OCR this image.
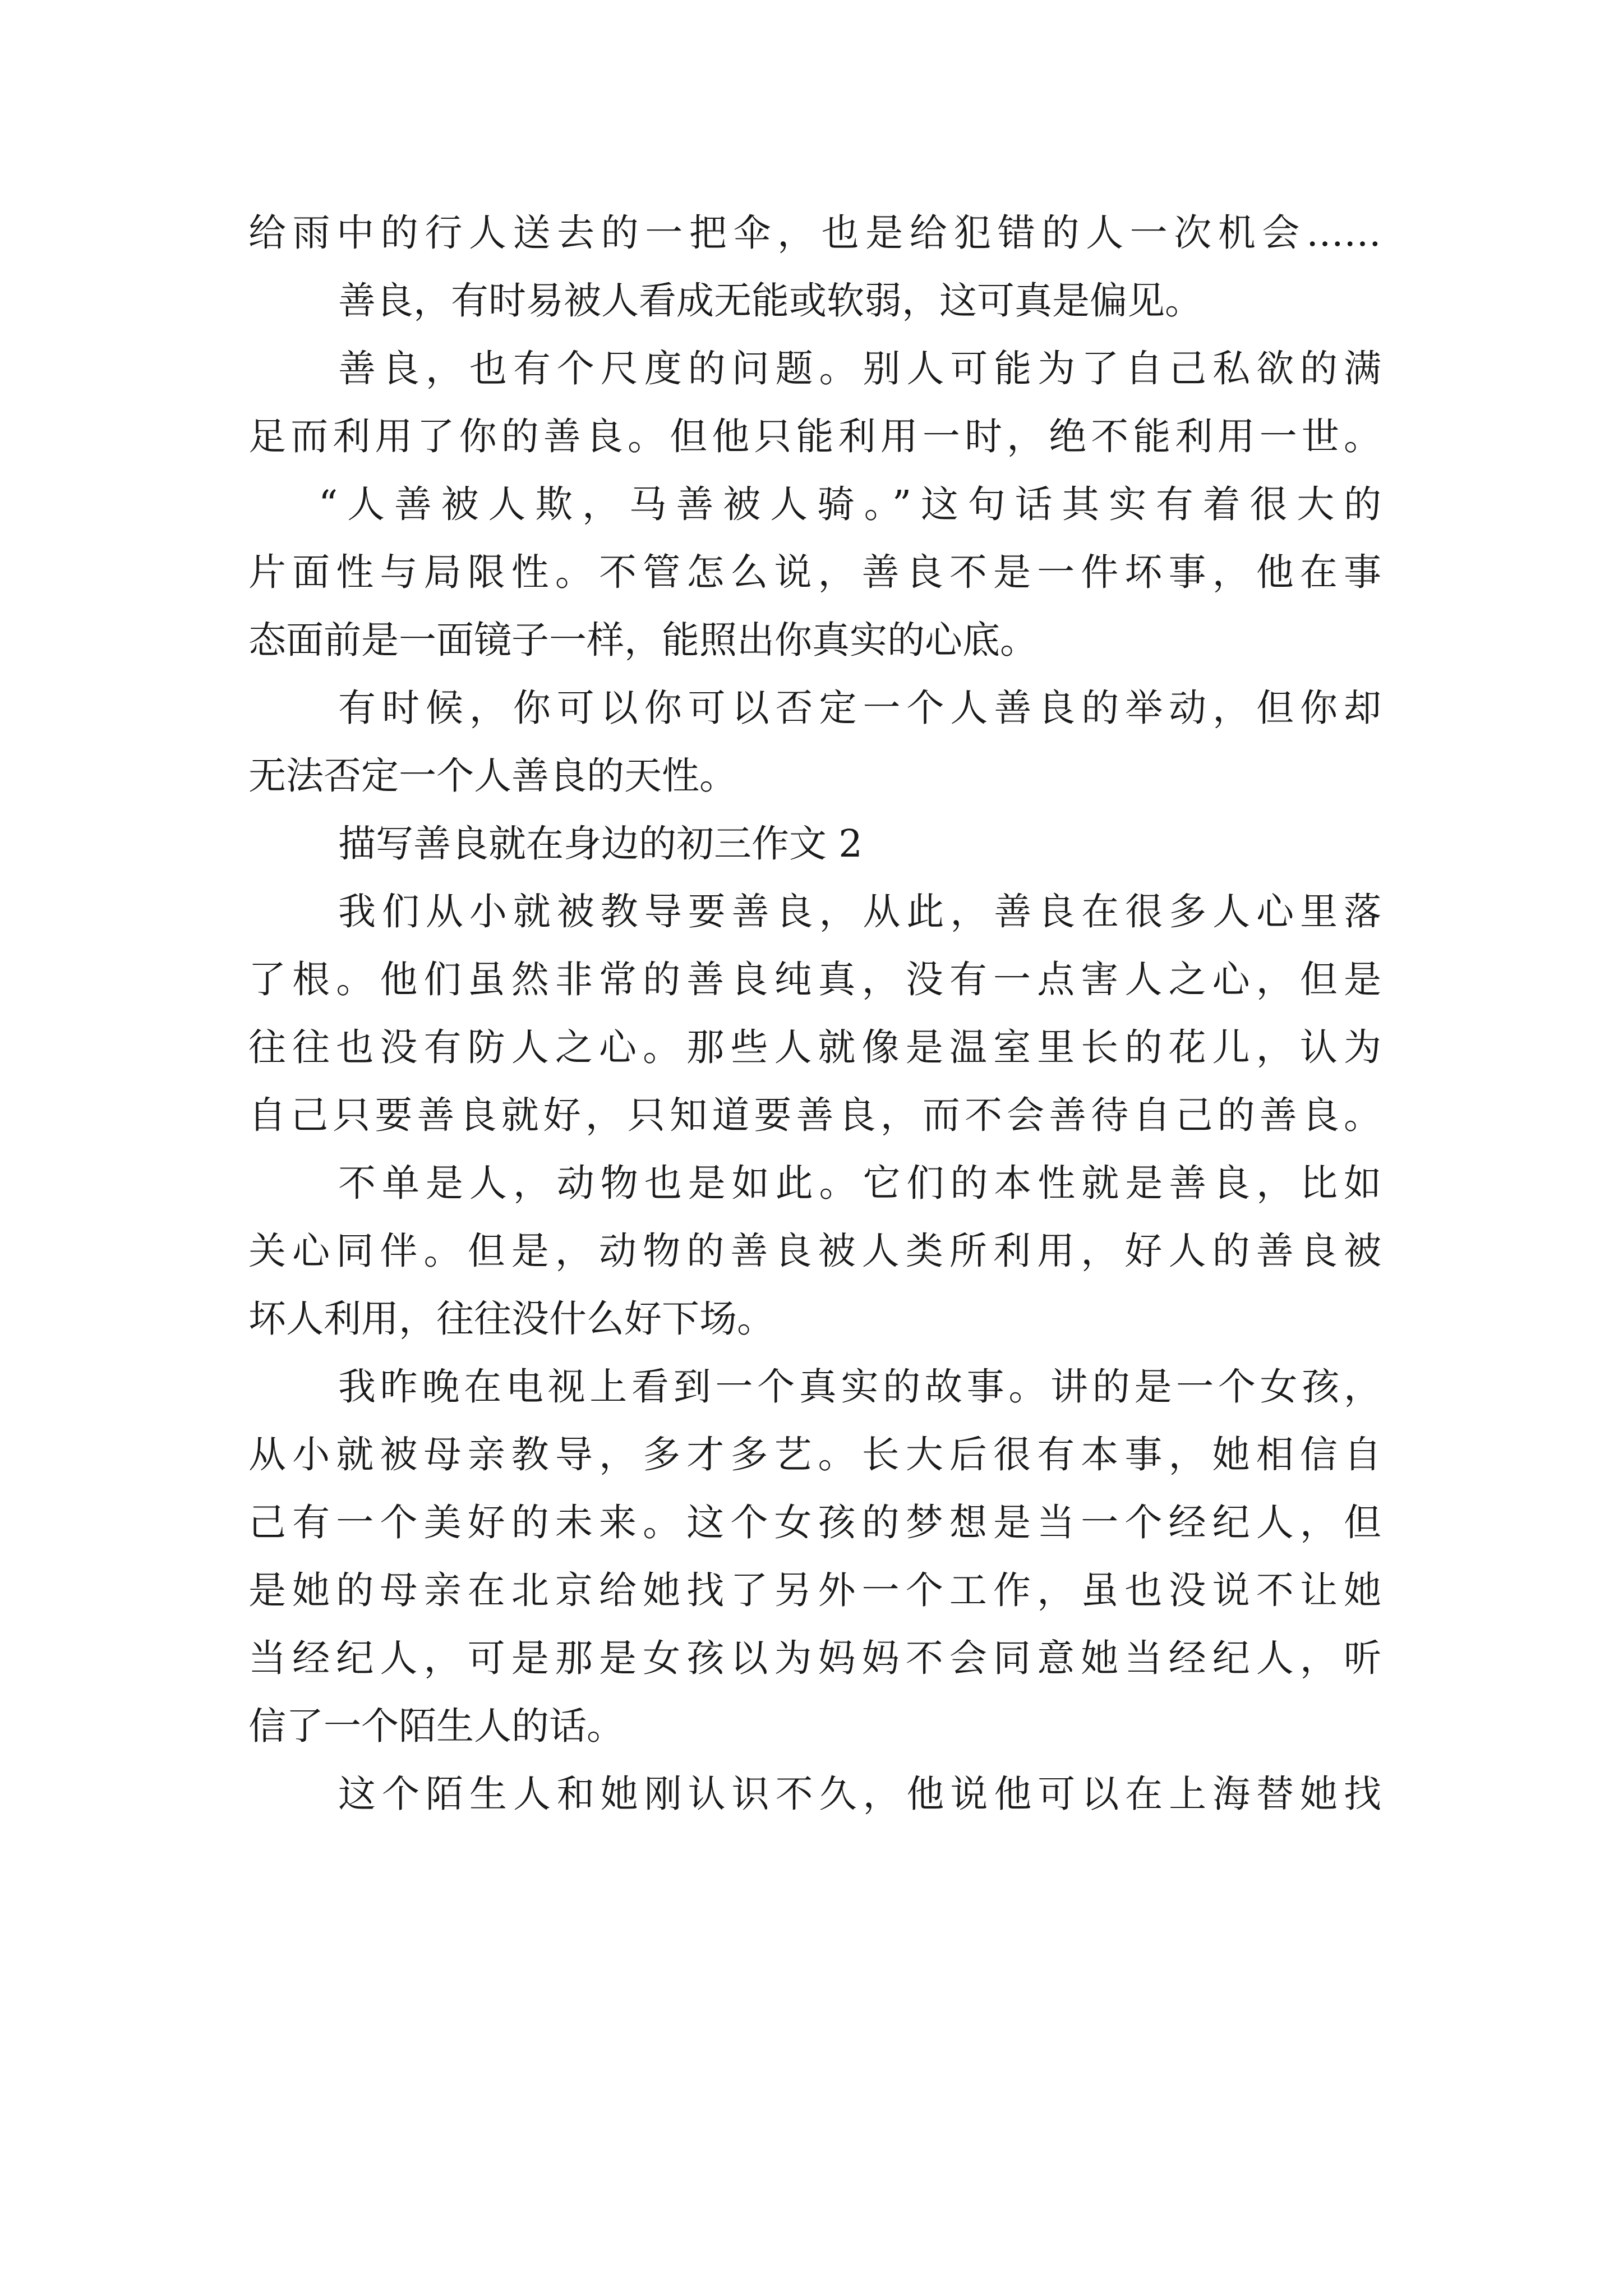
给雨中的行人送去的一把伞，也是给犯错的人一次机会……
善良，有时易被人看成无能或软弱，这可真是偏见。
善良，也有个尺度的问题。别人可能为了自己私欲的满
足而利用了你的善良。但他只能利用一时，绝不能利用一世。
“人善被人欺，马善被人骑。”这句话其实有着很大的
片面性与局限性。不管怎么说，善良不是一件坏事，他在事
态面前是一面镜子一样，能照出你真实的心底。
有时候，你可以你可以否定一个人善良的举动，但你却
无法否定一个人善良的天性。
描写善良就在身边的初三作文 2
我们从小就被教导要善良，从此，善良在很多人心里落
了根。他们虽然非常的善良纯真，没有一点害人之心，但是
往往也没有防人之心。那些人就像是温室里长的花儿，认为
自己只要善良就好，只知道要善良，而不会善待自己的善良。
不单是人，动物也是如此。它们的本性就是善良，比如
关心同伴。但是，动物的善良被人类所利用，好人的善良被
坏人利用，往往没什么好下场。
我昨晚在电视上看到一个真实的故事。讲的是一个女孩，
从小就被母亲教导，多才多艺。长大后很有本事，她相信自
己有一个美好的未来。这个女孩的梦想是当一个经纪人，但
是她的母亲在北京给她找了另外一个工作，虽也没说不让她
当经纪人，可是那是女孩以为妈妈不会同意她当经纪人，听
信了一个陌生人的话。
这个陌生人和她刚认识不久，他说他可以在上海替她找
